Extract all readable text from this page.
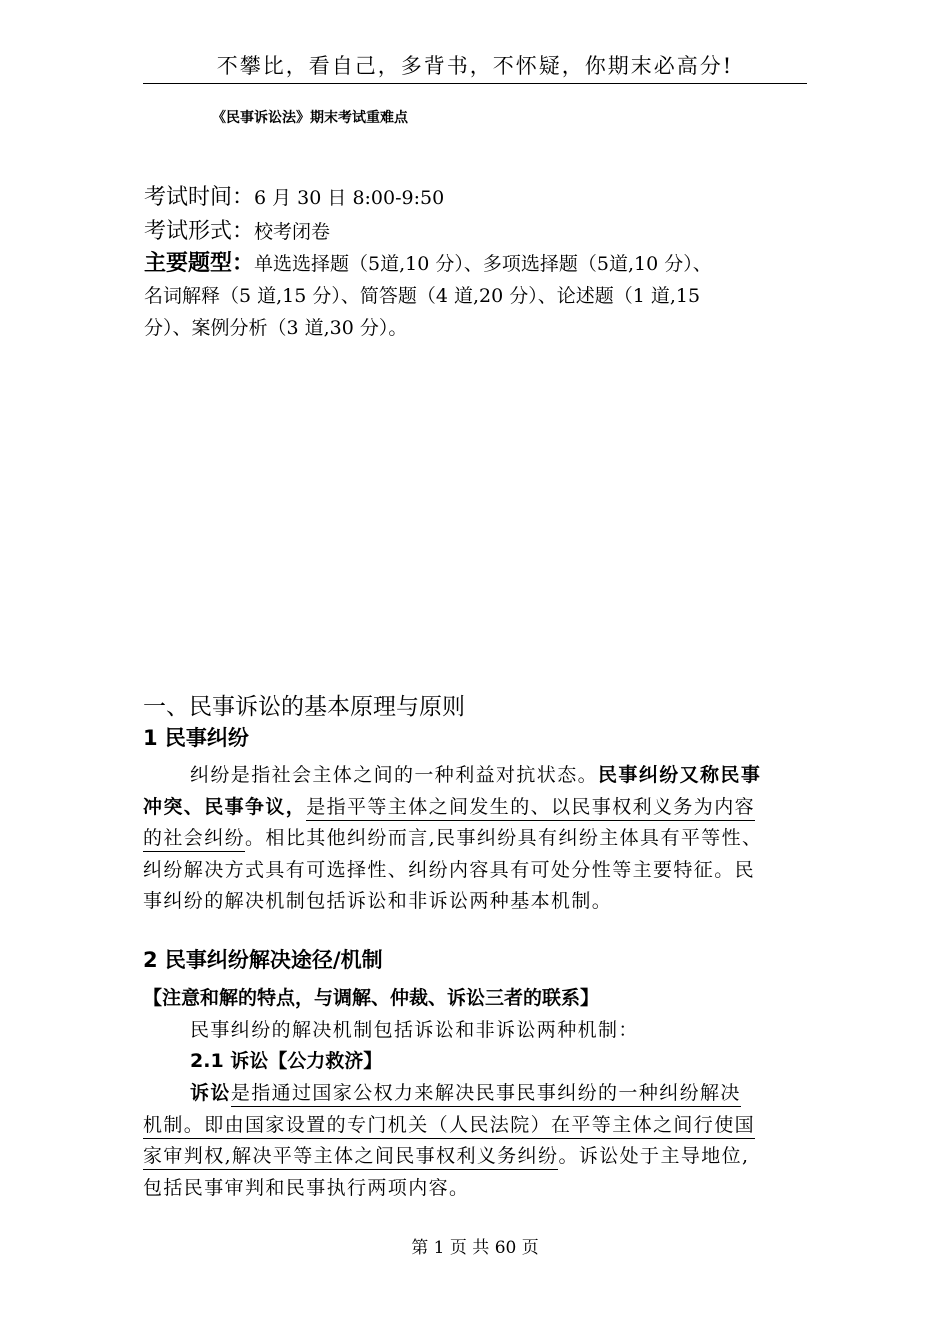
不攀比，看自己，多背书，不怀疑，你期末必高分!
《民事诉讼法》期末考试重难点
考试时间：6 月 30 日 8:00-9:50
考试形式：校考闭卷
主要题型：单选选择题（5道,10 分）、多项选择题（5道,10 分）、
名词解释（5 道,15 分）、简答题（4 道,20 分）、论述题（1 道,15
分）、案例分析（3 道,30 分）。
一、民事诉讼的基本原理与原则
1 民事纠纷
纠纷是指社会主体之间的一种利益对抗状态。民事纠纷又称民事
冲突、民事争议，是指平等主体之间发生的、以民事权利义务为内容
的社会纠纷。相比其他纠纷而言,民事纠纷具有纠纷主体具有平等性、
纠纷解决方式具有可选择性、纠纷内容具有可处分性等主要特征。民
事纠纷的解决机制包括诉讼和非诉讼两种基本机制。
2 民事纠纷解决途径/机制
【注意和解的特点，与调解、仲裁、诉讼三者的联系】
民事纠纷的解决机制包括诉讼和非诉讼两种机制：
2.1 诉讼【公力救济】
诉讼是指通过国家公权力来解决民事民事纠纷的一种纠纷解决
机制。即由国家设置的专门机关（人民法院）在平等主体之间行使国
家审判权,解决平等主体之间民事权利义务纠纷。诉讼处于主导地位,
包括民事审判和民事执行两项内容。
第 1 页 共 60 页
